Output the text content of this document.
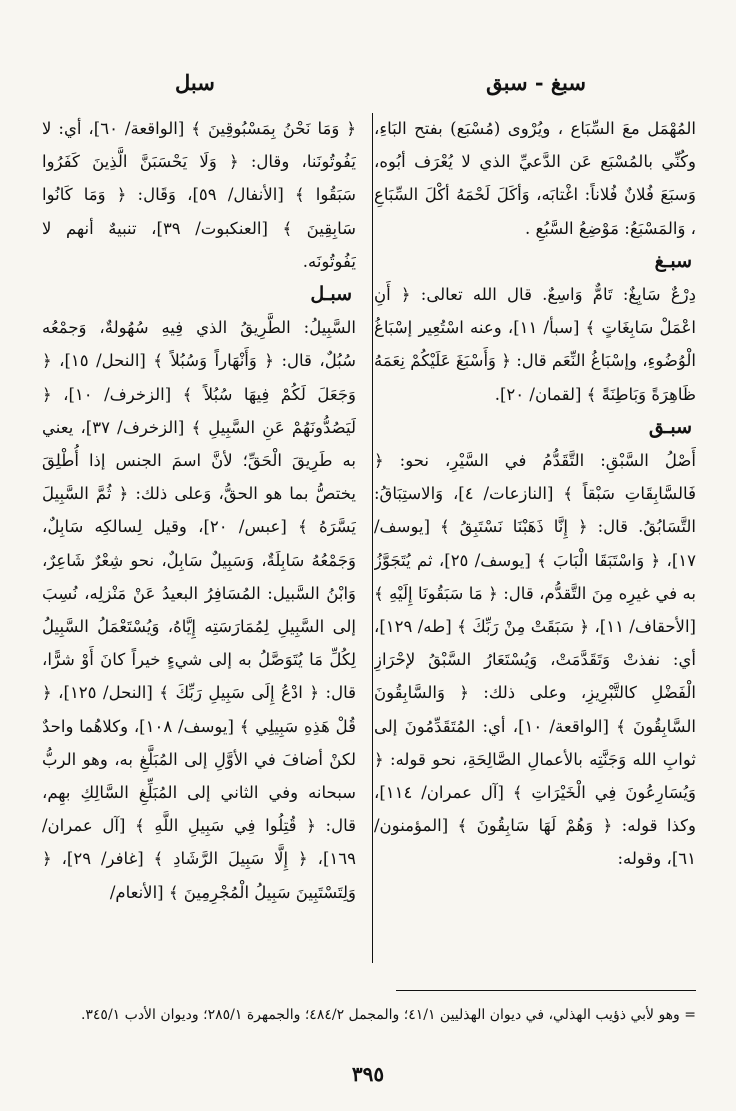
سبغ - سبق
سبل

المُهْمَل معَ السِّبَاع ، ويُرْوى (مُسْبَع) بفتح البَاءِ، وكُنِّي بالمُسْبَع عَن الدَّعيِّ الذي لا يُعْرَف أبُوه، وَسبَعَ فُلانٌ فُلاناً: اغْتابَه، وَأكَلَ لَحْمَهُ أكْلَ السِّبَاعِ ، وَالمَسْبَعُ: مَوْضِعُ السَّبُعِ .

سبـغ

دِرْعٌ سَابِغٌ: تَامٌّ وَاسِعٌ. قال الله تعالى: ﴿ أَنِ اعْمَلْ سَابِغَاتٍ ﴾ [سبأ/ ١١]، وعنه اسْتُعِير إسْبَاغُ الْوُضُوءِ، وإسْبَاغُ النِّعَم قال: ﴿ وَأَسْبَغَ عَلَيْكُمْ نِعَمَهُ ظَاهِرَةً وَبَاطِنَةً ﴾ [لقمان/ ٢٠].

سبـق

أَصْلُ السَّبْقِ: التَّقَدُّمُ في السَّيْرِ، نحو: ﴿ فَالسَّابِقَاتِ سَبْقاً ﴾ [النازعات/ ٤]، وَالاستِبَاقُ: التَّسَابُقُ. قال: ﴿ إِنَّا ذَهَبْنَا نَسْتَبِقُ ﴾ [يوسف/ ١٧]، ﴿ وَاسْتَبَقَا الْبَابَ ﴾ [يوسف/ ٢٥]، ثم يُتَجَوَّزُ به في غيرِه مِنَ التَّقدُّم، قال: ﴿ مَا سَبَقُونَا إِلَيْهِ ﴾ [الأحقاف/ ١١]، ﴿ سَبَقَتْ مِنْ رَبِّكَ ﴾ [طه/ ١٢٩]، أي: نفذتْ وَتَقَدَّمَتْ، وَيُسْتَعَارُ السَّبْقُ لإحْرَازِ الْفَضْلِ كالتَّبْرِيزِ، وعلى ذلك: ﴿ وَالسَّابِقُونَ السَّابِقُونَ ﴾ [الواقعة/ ١٠]، أي: المُتَقَدِّمُونَ إلى ثوابِ الله وَجَنَّتِه بالأعمالِ الصَّالِحَةِ، نحو قوله: ﴿ وَيُسَارِعُونَ فِي الْخَيْرَاتِ ﴾ [آل عمران/ ١١٤]، وكذا قوله: ﴿ وَهُمْ لَهَا سَابِقُونَ ﴾ [المؤمنون/ ٦١]، وقوله:

﴿ وَمَا نَحْنُ بِمَسْبُوقِينَ ﴾ [الواقعة/ ٦٠]، أي: لا يَفُوتُونَنا، وقال: ﴿ وَلَا يَحْسَبَنَّ الَّذِينَ كَفَرُوا سَبَقُوا ﴾ [الأنفال/ ٥٩]، وَقَال: ﴿ وَمَا كَانُوا سَابِقِينَ ﴾ [العنكبوت/ ٣٩]، تنبيهٌ أنهم لا يَفُوتُونَه.

سبـل

السَّبِيلُ: الطَّرِيقُ الذي فِيهِ سُهُولةٌ، وَجمْعُه سُبُلٌ، قال: ﴿ وَأَنْهَاراً وَسُبُلاً ﴾ [النحل/ ١٥]، ﴿ وَجَعَلَ لَكُمْ فِيهَا سُبُلاً ﴾ [الزخرف/ ١٠]، ﴿ لَيَصُدُّونَهُمْ عَنِ السَّبِيلِ ﴾ [الزخرف/ ٣٧]، يعني به طَرِيقَ الْحَقِّ؛ لأنَّ اسمَ الجنس إذا أُطْلِقَ يختصُّ بما هو الحقُّ، وَعلى ذلك: ﴿ ثُمَّ السَّبِيلَ يَسَّرَهُ ﴾ [عبس/ ٢٠]، وقيل لِسالكِه سَابِلٌ، وَجَمْعُهُ سَابِلَةٌ، وَسَبِيلٌ سَابِلٌ، نحو شِعْرٌ شَاعِرٌ، وَابْنُ السَّبيل: المُسَافِرُ البعيدُ عَنْ مَنْزلِه، نُسِبَ إلى السَّبِيلِ لِمُمَارَسَتِه إِيَّاهُ، وَيُسْتَعْمَلُ السَّبِيلُ لِكُلِّ مَا يُتَوَصَّلُ به إلى شيءٍ خيراً كانَ أَوْ شرًّا، قال: ﴿ ادْعُ إِلَى سَبِيلِ رَبِّكَ ﴾ [النحل/ ١٢٥]، ﴿ قُلْ هَذِهِ سَبِيلِي ﴾ [يوسف/ ١٠٨]، وكلاهُما واحدٌ لكنْ أضافَ في الأوَّلِ إلى المُبَلَّغِ به، وهو الربُّ سبحانه وفي الثاني إلى المُبَلِّغِ السَّالِكِ بهِم، قال: ﴿ قُتِلُوا فِي سَبِيلِ اللَّهِ ﴾ [آل عمران/ ١٦٩]، ﴿ إِلَّا سَبِيلَ الرَّشَادِ ﴾ [غافر/ ٢٩]، ﴿ وَلِتَسْتَبِينَ سَبِيلُ الْمُجْرِمِينَ ﴾ [الأنعام/

= وهو لأبي ذؤيب الهذلي، في ديوان الهذليين ٤١/١؛ والمجمل ٤٨٤/٢؛ والجمهرة ٢٨٥/١؛ وديوان الأدب ٣٤٥/١.
٣٩٥
